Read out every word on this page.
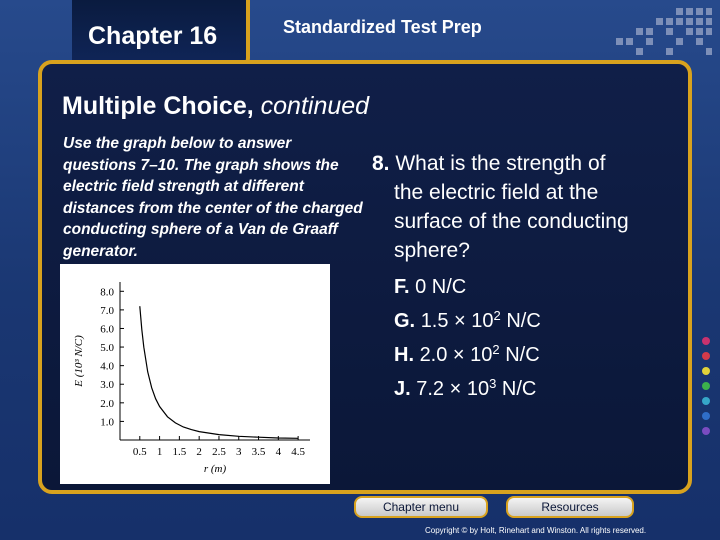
Chapter 16	Standardized Test Prep
Multiple Choice, continued
Use the graph below to answer questions 7–10. The graph shows the electric field strength at different distances from the center of the charged conducting sphere of a Van de Graaff generator.
1.0
2.0
3.0
4.0
5.0
6.0
7.0
8.0
0.5 1 1.5 2 2.5 3 3.5 4 4.5
E (10³ N/C)
r (m)
8. What is the strength of
the electric field at the
surface of the conducting
sphere?
F. 0 N/C
G. $1.5 \times 10^2$ N/C
H. $2.0 \times 10^2$ N/C
J. $7.2 \times 10^3$ N/C
Chapter menu	Resources
Copyright © by Holt, Rinehart and Winston. All rights reserved.
